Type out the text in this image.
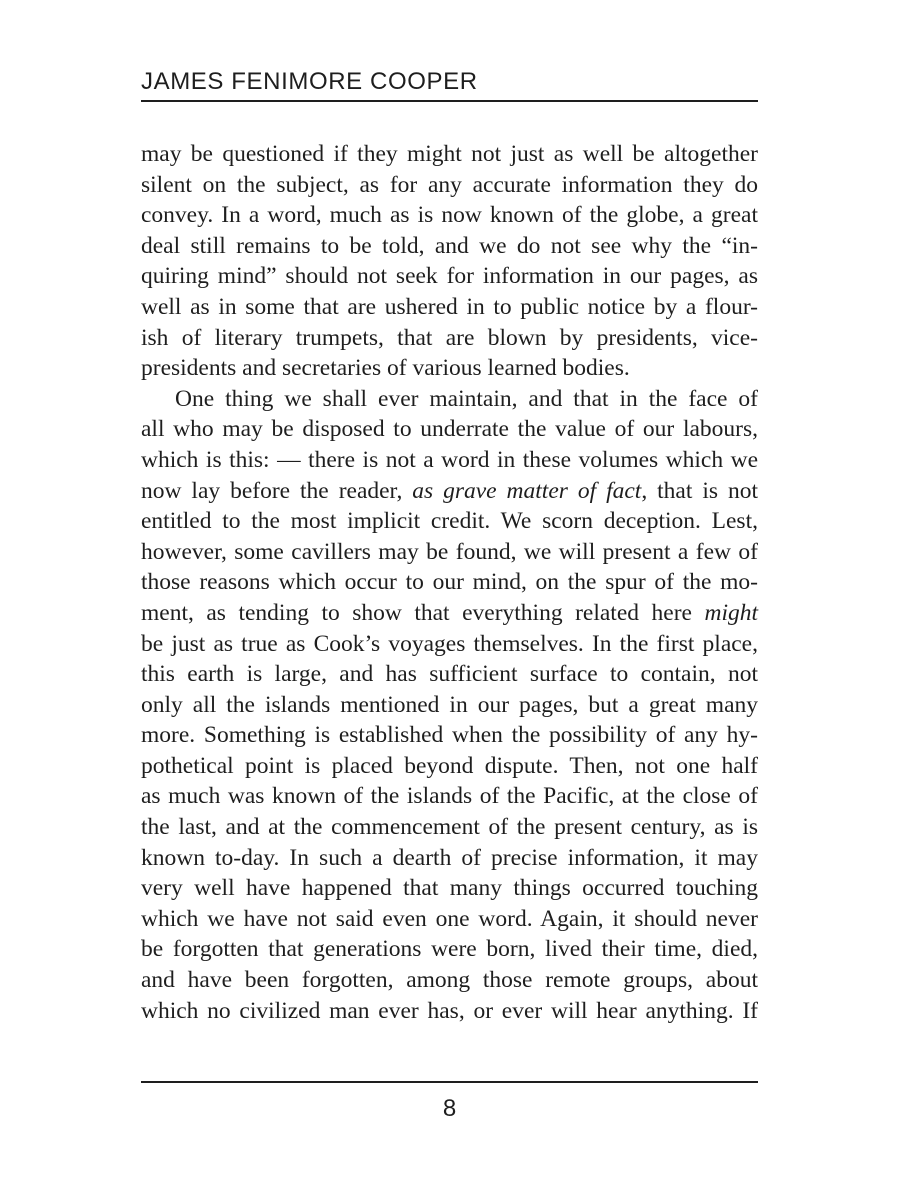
JAMES FENIMORE COOPER
may be questioned if they might not just as well be altogether
silent on the subject, as for any accurate information they do
convey. In a word, much as is now known of the globe, a great
deal still remains to be told, and we do not see why the “in-
quiring mind” should not seek for information in our pages, as
well as in some that are ushered in to public notice by a flour-
ish of literary trumpets, that are blown by presidents, vice-
presidents and secretaries of various learned bodies.
One thing we shall ever maintain, and that in the face of
all who may be disposed to underrate the value of our labours,
which is this: — there is not a word in these volumes which we
now lay before the reader, as grave matter of fact, that is not
entitled to the most implicit credit. We scorn deception. Lest,
however, some cavillers may be found, we will present a few of
those reasons which occur to our mind, on the spur of the mo-
ment, as tending to show that everything related here might
be just as true as Cook’s voyages themselves. In the first place,
this earth is large, and has sufficient surface to contain, not
only all the islands mentioned in our pages, but a great many
more. Something is established when the possibility of any hy-
pothetical point is placed beyond dispute. Then, not one half
as much was known of the islands of the Pacific, at the close of
the last, and at the commencement of the present century, as is
known to-day. In such a dearth of precise information, it may
very well have happened that many things occurred touching
which we have not said even one word. Again, it should never
be forgotten that generations were born, lived their time, died,
and have been forgotten, among those remote groups, about
which no civilized man ever has, or ever will hear anything. If
8
